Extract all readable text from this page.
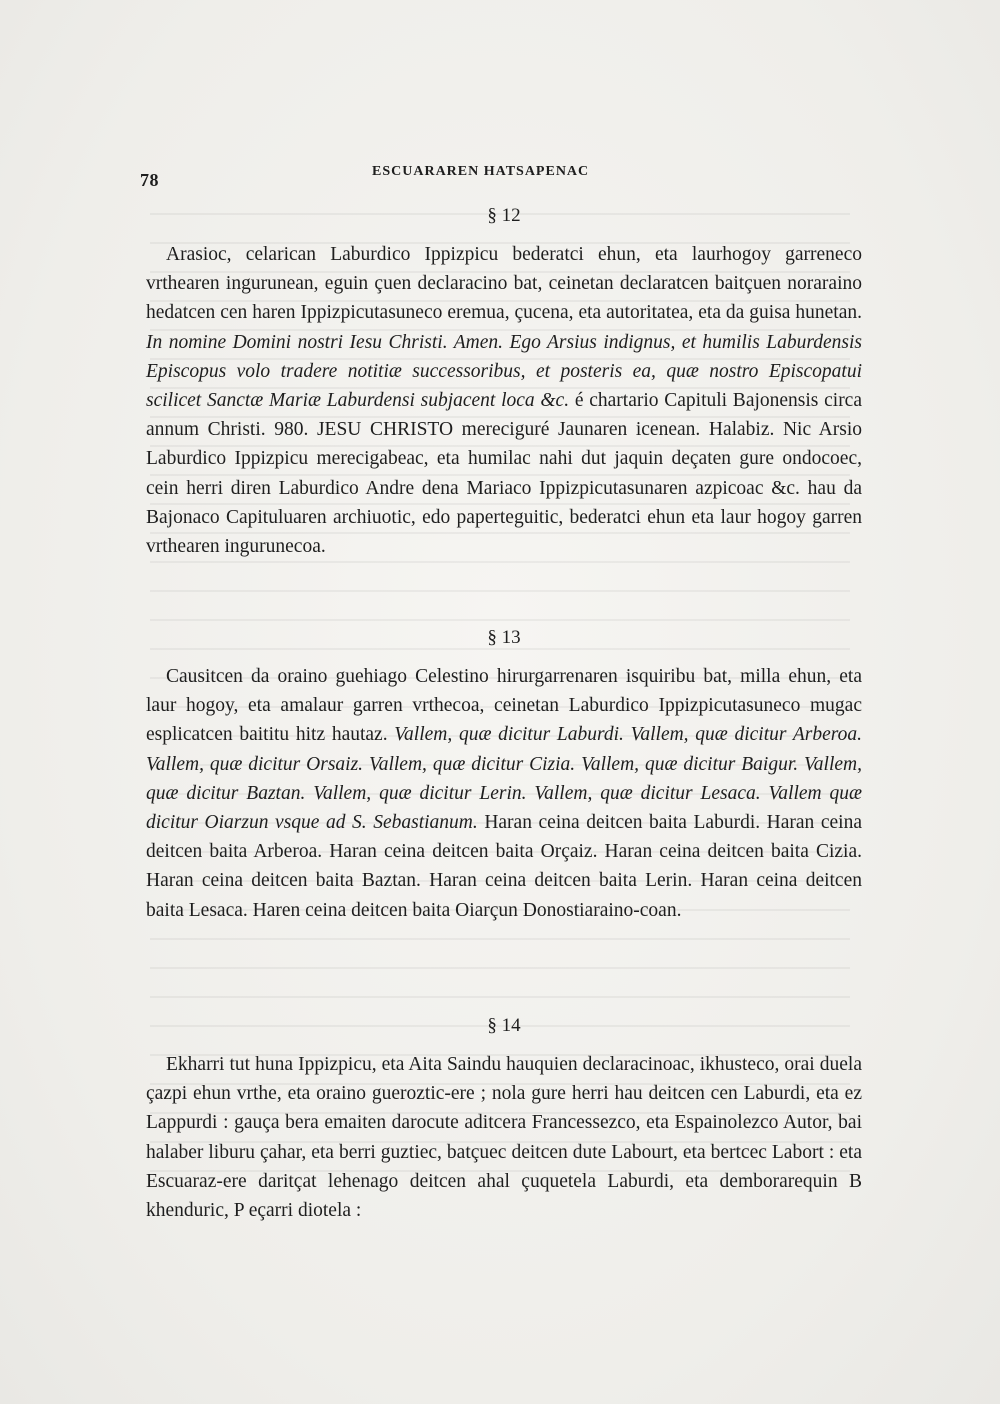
78	ESCUARAREN HATSAPENAC
§ 12

Arasioc, celarican Laburdico Ippizpicu bederatci ehun, eta laurhogoy garreneco vrthearen ingurunean, eguin çuen declaracino bat, ceinetan declaratcen baitçuen noraraino hedatcen cen haren Ippizpicutasuneco eremua, çucena, eta autoritatea, eta da guisa hunetan. In nomine Domini nostri Iesu Christi. Amen. Ego Arsius indignus, et humilis Laburdensis Episcopus volo tradere notitiæ successoribus, et posteris ea, quæ nostro Episcopatui scilicet Sanctæ Mariæ Laburdensi subjacent loca &c. é chartario Capituli Bajonensis circa annum Christi. 980. JESU CHRISTO mereciguré Jaunaren icenean. Halabiz. Nic Arsio Laburdico Ippizpicu merecigabeac, eta humilac nahi dut jaquin deçaten gure ondocoec, cein herri diren Laburdico Andre dena Mariaco Ippizpicutasunaren azpicoac &c. hau da Bajonaco Capituluaren archiuotic, edo paperteguitic, bederatci ehun eta laur hogoy garren vrthearen ingurunecoa.

§ 13

Causitcen da oraino guehiago Celestino hirurgarrenaren isquiribu bat, milla ehun, eta laur hogoy, eta amalaur garren vrthecoa, ceinetan Laburdico Ippizpicutasuneco mugac esplicatcen baititu hitz hautaz. Vallem, quæ dicitur Laburdi. Vallem, quæ dicitur Arberoa. Vallem, quæ dicitur Orsaiz. Vallem, quæ dicitur Cizia. Vallem, quæ dicitur Baigur. Vallem, quæ dicitur Baztan. Vallem, quæ dicitur Lerin. Vallem, quæ dicitur Lesaca. Vallem quæ dicitur Oiarzun vsque ad S. Sebastianum. Haran ceina deitcen baita Laburdi. Haran ceina deitcen baita Arberoa. Haran ceina deitcen baita Orçaiz. Haran ceina deitcen baita Cizia. Haran ceina deitcen baita Baztan. Haran ceina deitcen baita Lerin. Haran ceina deitcen baita Lesaca. Haren ceina deitcen baita Oiarçun Donostiaraino-coan.

§ 14

Ekharri tut huna Ippizpicu, eta Aita Saindu hauquien declaracinoac, ikhusteco, orai duela çazpi ehun vrthe, eta oraino gueroztic-ere ; nola gure herri hau deitcen cen Laburdi, eta ez Lappurdi : gauça bera emaiten darocute aditcera Francessezco, eta Espainolezco Autor, bai halaber liburu çahar, eta berri guztiec, batçuec deitcen dute Labourt, eta bertcec Labort : eta Escuaraz-ere daritçat lehenago deitcen ahal çuquetela Laburdi, eta demborarequin B khenduric, P eçarri diotela :
